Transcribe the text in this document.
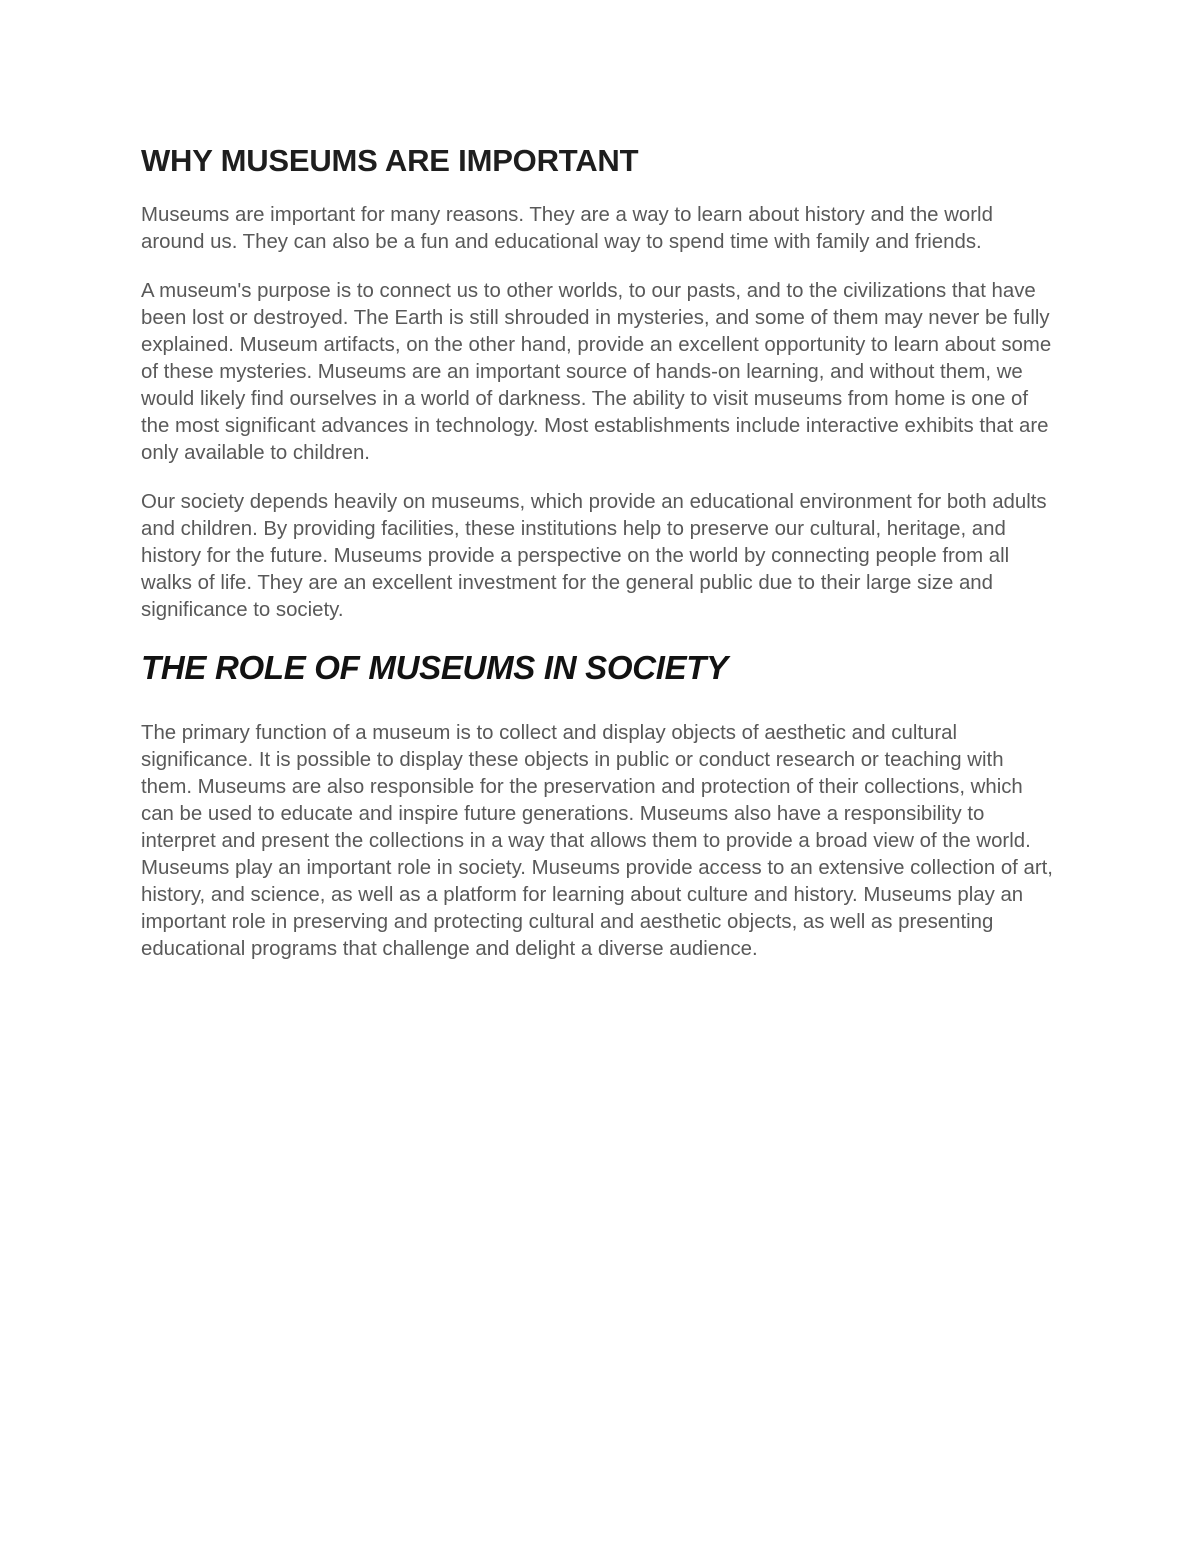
WHY MUSEUMS ARE IMPORTANT

Museums are important for many reasons. They are a way to learn about history and the world around us. They can also be a fun and educational way to spend time with family and friends.

A museum's purpose is to connect us to other worlds, to our pasts, and to the civilizations that have been lost or destroyed. The Earth is still shrouded in mysteries, and some of them may never be fully explained. Museum artifacts, on the other hand, provide an excellent opportunity to learn about some of these mysteries. Museums are an important source of hands-on learning, and without them, we would likely find ourselves in a world of darkness. The ability to visit museums from home is one of the most significant advances in technology. Most establishments include interactive exhibits that are only available to children.

Our society depends heavily on museums, which provide an educational environment for both adults and children. By providing facilities, these institutions help to preserve our cultural, heritage, and history for the future. Museums provide a perspective on the world by connecting people from all walks of life. They are an excellent investment for the general public due to their large size and significance to society.

THE ROLE OF MUSEUMS IN SOCIETY

The primary function of a museum is to collect and display objects of aesthetic and cultural significance. It is possible to display these objects in public or conduct research or teaching with them. Museums are also responsible for the preservation and protection of their collections, which can be used to educate and inspire future generations. Museums also have a responsibility to interpret and present the collections in a way that allows them to provide a broad view of the world.

Museums play an important role in society. Museums provide access to an extensive collection of art, history, and science, as well as a platform for learning about culture and history. Museums play an important role in preserving and protecting cultural and aesthetic objects, as well as presenting educational programs that challenge and delight a diverse audience.
